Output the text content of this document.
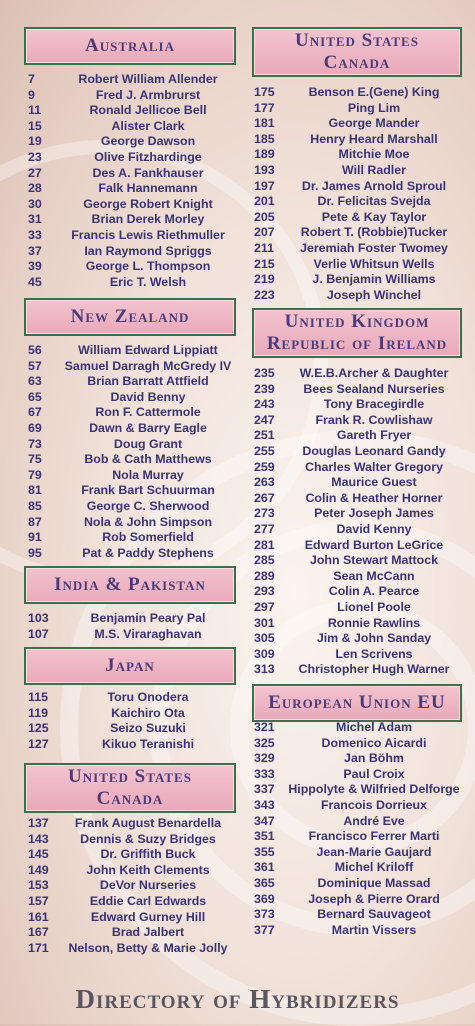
Australia
7	Robert William Allender
9	Fred J. Armbrurst
11	Ronald Jellicoe Bell
15	Alister Clark
19	George Dawson
23	Olive Fitzhardinge
27	Des A. Fankhauser
28	Falk Hannemann
30	George Robert Knight
31	Brian Derek Morley
33	Francis Lewis Riethmuller
37	Ian Raymond Spriggs
39	George L. Thompson
45	Eric T. Welsh
New Zealand
56	William Edward Lippiatt
57	Samuel Darragh McGredy IV
63	Brian Barratt Attfield
65	David Benny
67	Ron F. Cattermole
69	Dawn & Barry Eagle
73	Doug Grant
75	Bob & Cath Matthews
79	Nola Murray
81	Frank Bart Schuurman
85	George C. Sherwood
87	Nola & John Simpson
91	Rob Somerfield
95	Pat & Paddy Stephens
India & Pakistan
103	Benjamin Peary Pal
107	M.S. Viraraghavan
Japan
115	Toru Onodera
119	Kaichiro Ota
125	Seizo Suzuki
127	Kikuo Teranishi
United States
Canada
137	Frank August Benardella
143	Dennis & Suzy Bridges
145	Dr. Griffith Buck
149	John Keith Clements
153	DeVor Nurseries
157	Eddie Carl Edwards
161	Edward Gurney Hill
167	Brad Jalbert
171	Nelson, Betty & Marie Jolly
United States
Canada
175	Benson E.(Gene) King
177	Ping Lim
181	George Mander
185	Henry Heard Marshall
189	Mitchie Moe
193	Will Radler
197	Dr. James Arnold Sproul
201	Dr. Felicitas Svejda
205	Pete & Kay Taylor
207	Robert T. (Robbie)Tucker
211	Jeremiah Foster Twomey
215	Verlie Whitsun Wells
219	J. Benjamin Williams
223	Joseph Winchel
United Kingdom
Republic of Ireland
235	W.E.B.Archer & Daughter
239	Bees Sealand Nurseries
243	Tony Bracegirdle
247	Frank R. Cowlishaw
251	Gareth Fryer
255	Douglas Leonard Gandy
259	Charles Walter Gregory
263	Maurice Guest
267	Colin & Heather Horner
273	Peter Joseph James
277	David Kenny
281	Edward Burton LeGrice
285	John Stewart Mattock
289	Sean McCann
293	Colin A. Pearce
297	Lionel Poole
301	Ronnie Rawlins
305	Jim & John Sanday
309	Len Scrivens
313	Christopher Hugh Warner
European Union EU
321	Michel Adam
325	Domenico Aicardi
329	Jan Böhm
333	Paul Croix
337	Hippolyte & Wilfried Delforge
343	Francois Dorrieux
347	André Eve
351	Francisco Ferrer Marti
355	Jean-Marie Gaujard
361	Michel Kriloff
365	Dominique Massad
369	Joseph & Pierre Orard
373	Bernard Sauvageot
377	Martin Vissers
Directory of Hybridizers
